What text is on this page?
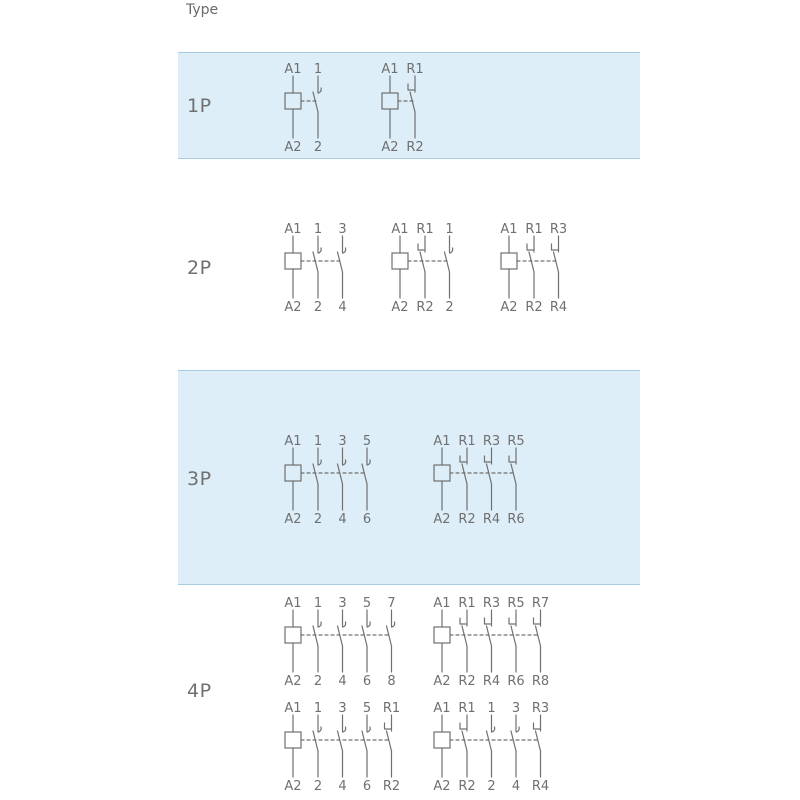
Type
1P
2P
3P
4P
A1
A2
1
2
A1
A2
R1
R2
A1
A2
1
2
3
4
A1
A2
R1
R2
1
2
A1
A2
R1
R2
R3
R4
A1
A2
1
2
3
4
5
6
A1
A2
R1
R2
R3
R4
R5
R6
A1
A2
1
2
3
4
5
6
7
8
A1
A2
R1
R2
R3
R4
R5
R6
R7
R8
A1
A2
1
2
3
4
5
6
R1
R2
A1
A2
R1
R2
1
2
3
4
R3
R4
